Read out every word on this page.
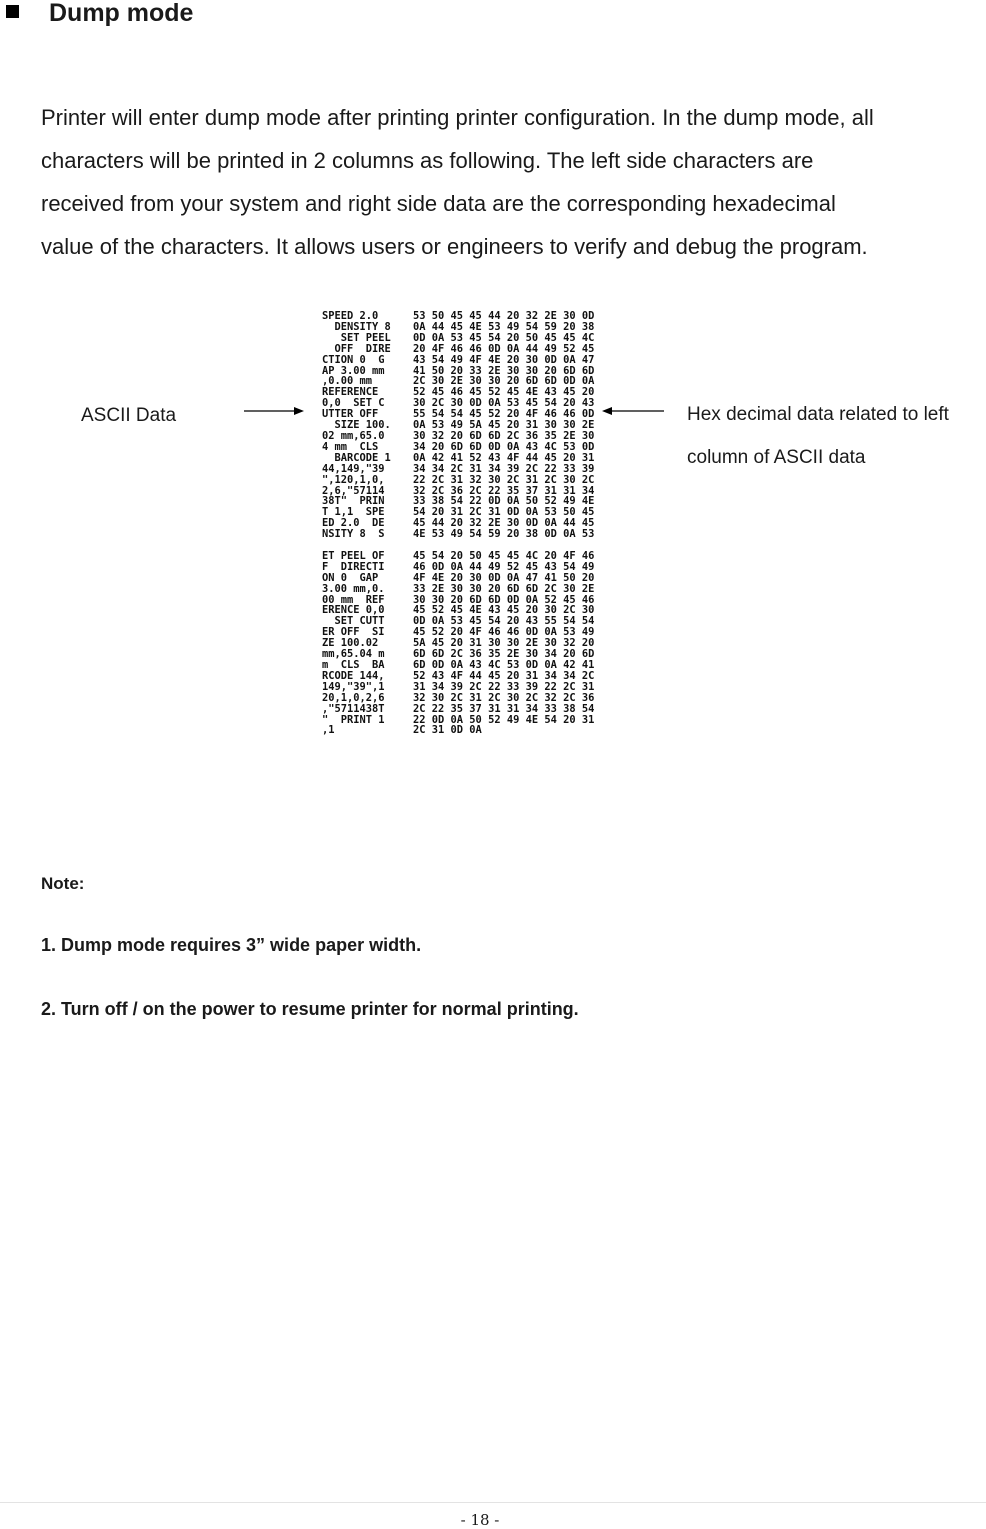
Dump mode
Printer will enter dump mode after printing printer configuration. In the dump mode, all
characters will be printed in 2 columns as following. The left side characters are
received from your system and right side data are the corresponding hexadecimal
value of the characters. It allows users or engineers to verify and debug the program.
SPEED 2.0
DENSITY 8
SET PEEL
OFF  DIRE
CTION 0  G
AP 3.00 mm
,0.00 mm
REFERENCE
0,0  SET C
UTTER OFF
SIZE 100.
02 mm,65.0
4 mm  CLS
BARCODE 1
44,149,"39
",120,1,0,
2,6,"57114
38T"  PRIN
T 1,1  SPE
ED 2.0  DE
NSITY 8  S
53 50 45 45 44 20 32 2E 30 0D
0A 44 45 4E 53 49 54 59 20 38
0D 0A 53 45 54 20 50 45 45 4C
20 4F 46 46 0D 0A 44 49 52 45
43 54 49 4F 4E 20 30 0D 0A 47
41 50 20 33 2E 30 30 20 6D 6D
2C 30 2E 30 30 20 6D 6D 0D 0A
52 45 46 45 52 45 4E 43 45 20
30 2C 30 0D 0A 53 45 54 20 43
55 54 54 45 52 20 4F 46 46 0D
0A 53 49 5A 45 20 31 30 30 2E
30 32 20 6D 6D 2C 36 35 2E 30
34 20 6D 6D 0D 0A 43 4C 53 0D
0A 42 41 52 43 4F 44 45 20 31
34 34 2C 31 34 39 2C 22 33 39
22 2C 31 32 30 2C 31 2C 30 2C
32 2C 36 2C 22 35 37 31 31 34
33 38 54 22 0D 0A 50 52 49 4E
54 20 31 2C 31 0D 0A 53 50 45
45 44 20 32 2E 30 0D 0A 44 45
4E 53 49 54 59 20 38 0D 0A 53
ET PEEL OF
F  DIRECTI
ON 0  GAP
3.00 mm,0.
00 mm  REF
ERENCE 0,0
SET CUTT
ER OFF  SI
ZE 100.02
mm,65.04 m
m  CLS  BA
RCODE 144,
149,"39",1
20,1,0,2,6
,"5711438T
"  PRINT 1
,1
45 54 20 50 45 45 4C 20 4F 46
46 0D 0A 44 49 52 45 43 54 49
4F 4E 20 30 0D 0A 47 41 50 20
33 2E 30 30 20 6D 6D 2C 30 2E
30 30 20 6D 6D 0D 0A 52 45 46
45 52 45 4E 43 45 20 30 2C 30
0D 0A 53 45 54 20 43 55 54 54
45 52 20 4F 46 46 0D 0A 53 49
5A 45 20 31 30 30 2E 30 32 20
6D 6D 2C 36 35 2E 30 34 20 6D
6D 0D 0A 43 4C 53 0D 0A 42 41
52 43 4F 44 45 20 31 34 34 2C
31 34 39 2C 22 33 39 22 2C 31
32 30 2C 31 2C 30 2C 32 2C 36
2C 22 35 37 31 31 34 33 38 54
22 0D 0A 50 52 49 4E 54 20 31
2C 31 0D 0A

ASCII Data	Hex decimal data related to left
column of ASCII data

Note:

1. Dump mode requires 3” wide paper width.

2. Turn off / on the power to resume printer for normal printing.

- 18 -
